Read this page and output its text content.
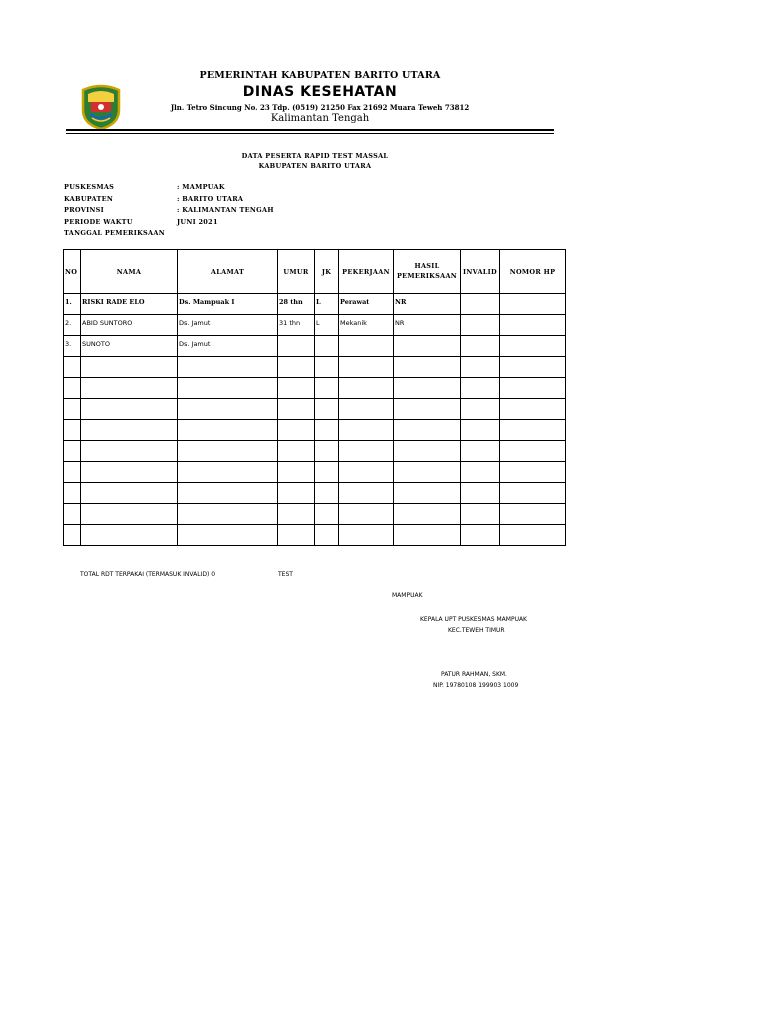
PEMERINTAH KABUPATEN BARITO UTARA
DINAS KESEHATAN
Jln. Tetro Sincung No. 23 Tdp. (0519) 21250 Fax 21692 Muara Teweh 73812
Kalimantan Tengah
DATA PESERTA RAPID TEST MASSAL
KABUPATEN BARITO UTARA
PUSKESMAS	: MAMPUAK
KABUPATEN	: BARITO UTARA
PROVINSI	: KALIMANTAN TENGAH
PERIODE WAKTU	JUNI 2021
TANGGAL PEMERIKSAAN
NO	NAMA	ALAMAT	UMUR	JK	PEKERJAAN	HASIL PEMERIKSAAN	INVALID	NOMOR HP
1.	RISKI RADE ELO	Ds. Mampuak I	28 thn	L	Perawat	NR		
2.	ABID SUNTORO	Ds. Jamut	31 thn	L	Mekanik	NR		
3.	SUNOTO	Ds. Jamut						

TOTAL RDT TERPAKAI (TERMASUK INVALID) 0	TEST
MAMPUAK
KEPALA UPT PUSKESMAS MAMPUAK
KEC.TEWEH TIMUR
PATUR RAHMAN, SKM.
NIP. 19780108 199903 1009
